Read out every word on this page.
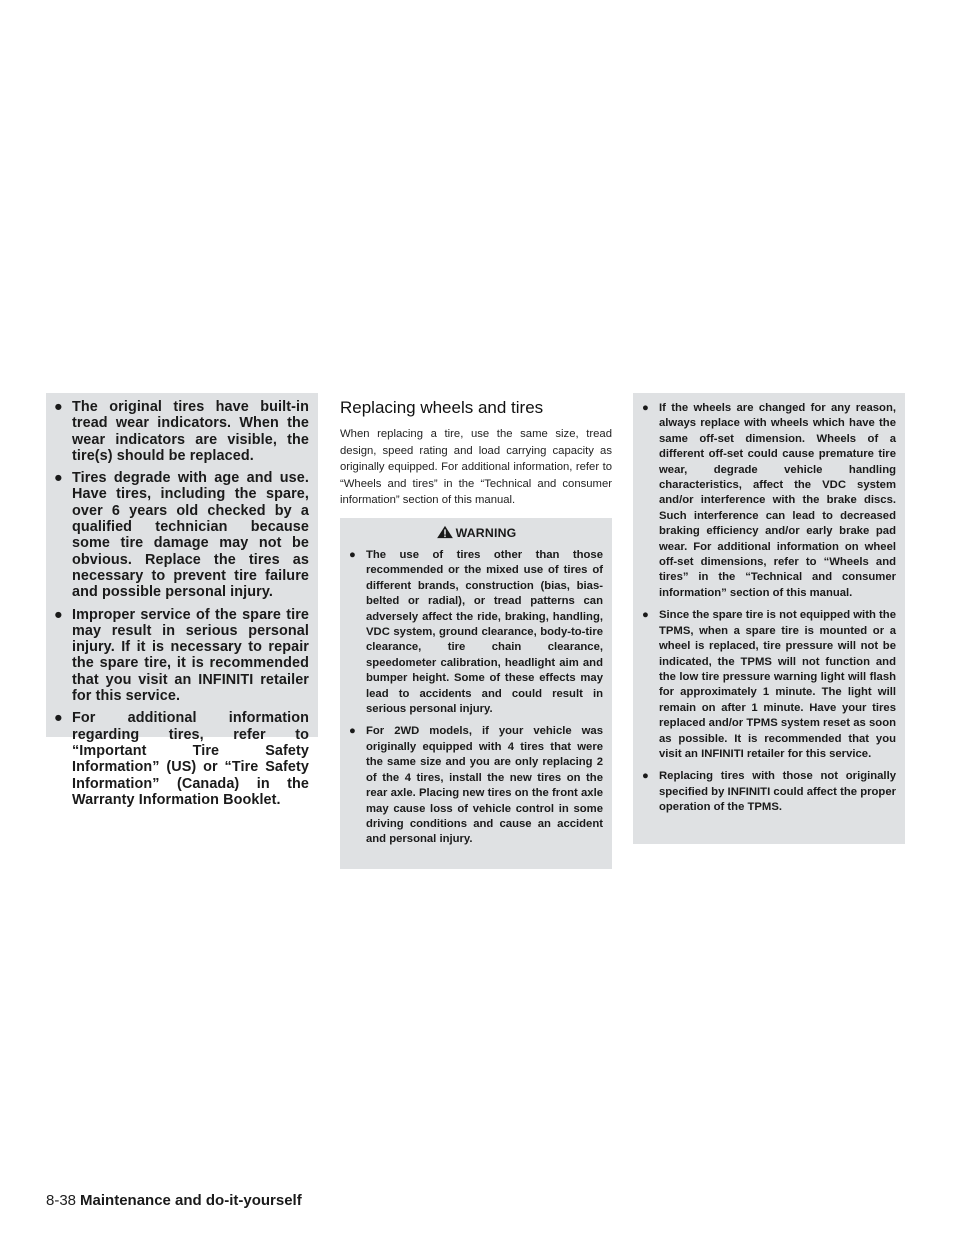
● The original tires have built-in tread wear indicators. When the wear indicators are visible, the tire(s) should be replaced.
● Tires degrade with age and use. Have tires, including the spare, over 6 years old checked by a qualified technician because some tire damage may not be obvious. Replace the tires as necessary to prevent tire failure and possible personal injury.
● Improper service of the spare tire may result in serious personal injury. If it is necessary to repair the spare tire, it is recommended that you visit an INFINITI retailer for this service.
● For additional information regarding tires, refer to “Important Tire Safety Information” (US) or “Tire Safety Information” (Canada) in the Warranty Information Booklet.
Replacing wheels and tires

When replacing a tire, use the same size, tread design, speed rating and load carrying capacity as originally equipped. For additional information, refer to “Wheels and tires” in the “Technical and consumer information” section of this manual.

WARNING
● The use of tires other than those recommended or the mixed use of tires of different brands, construction (bias, bias-belted or radial), or tread patterns can adversely affect the ride, braking, handling, VDC system, ground clearance, body-to-tire clearance, tire chain clearance, speedometer calibration, headlight aim and bumper height. Some of these effects may lead to accidents and could result in serious personal injury.
● For 2WD models, if your vehicle was originally equipped with 4 tires that were the same size and you are only replacing 2 of the 4 tires, install the new tires on the rear axle. Placing new tires on the front axle may cause loss of vehicle control in some driving conditions and cause an accident and personal injury.
● If the wheels are changed for any reason, always replace with wheels which have the same off-set dimension. Wheels of a different off-set could cause premature tire wear, degrade vehicle handling characteristics, affect the VDC system and/or interference with the brake discs. Such interference can lead to decreased braking efficiency and/or early brake pad wear. For additional information on wheel off-set dimensions, refer to “Wheels and tires” in the “Technical and consumer information” section of this manual.
● Since the spare tire is not equipped with the TPMS, when a spare tire is mounted or a wheel is replaced, tire pressure will not be indicated, the TPMS will not function and the low tire pressure warning light will flash for approximately 1 minute. The light will remain on after 1 minute. Have your tires replaced and/or TPMS system reset as soon as possible. It is recommended that you visit an INFINITI retailer for this service.
● Replacing tires with those not originally specified by INFINITI could affect the proper operation of the TPMS.
8-38 Maintenance and do-it-yourself
